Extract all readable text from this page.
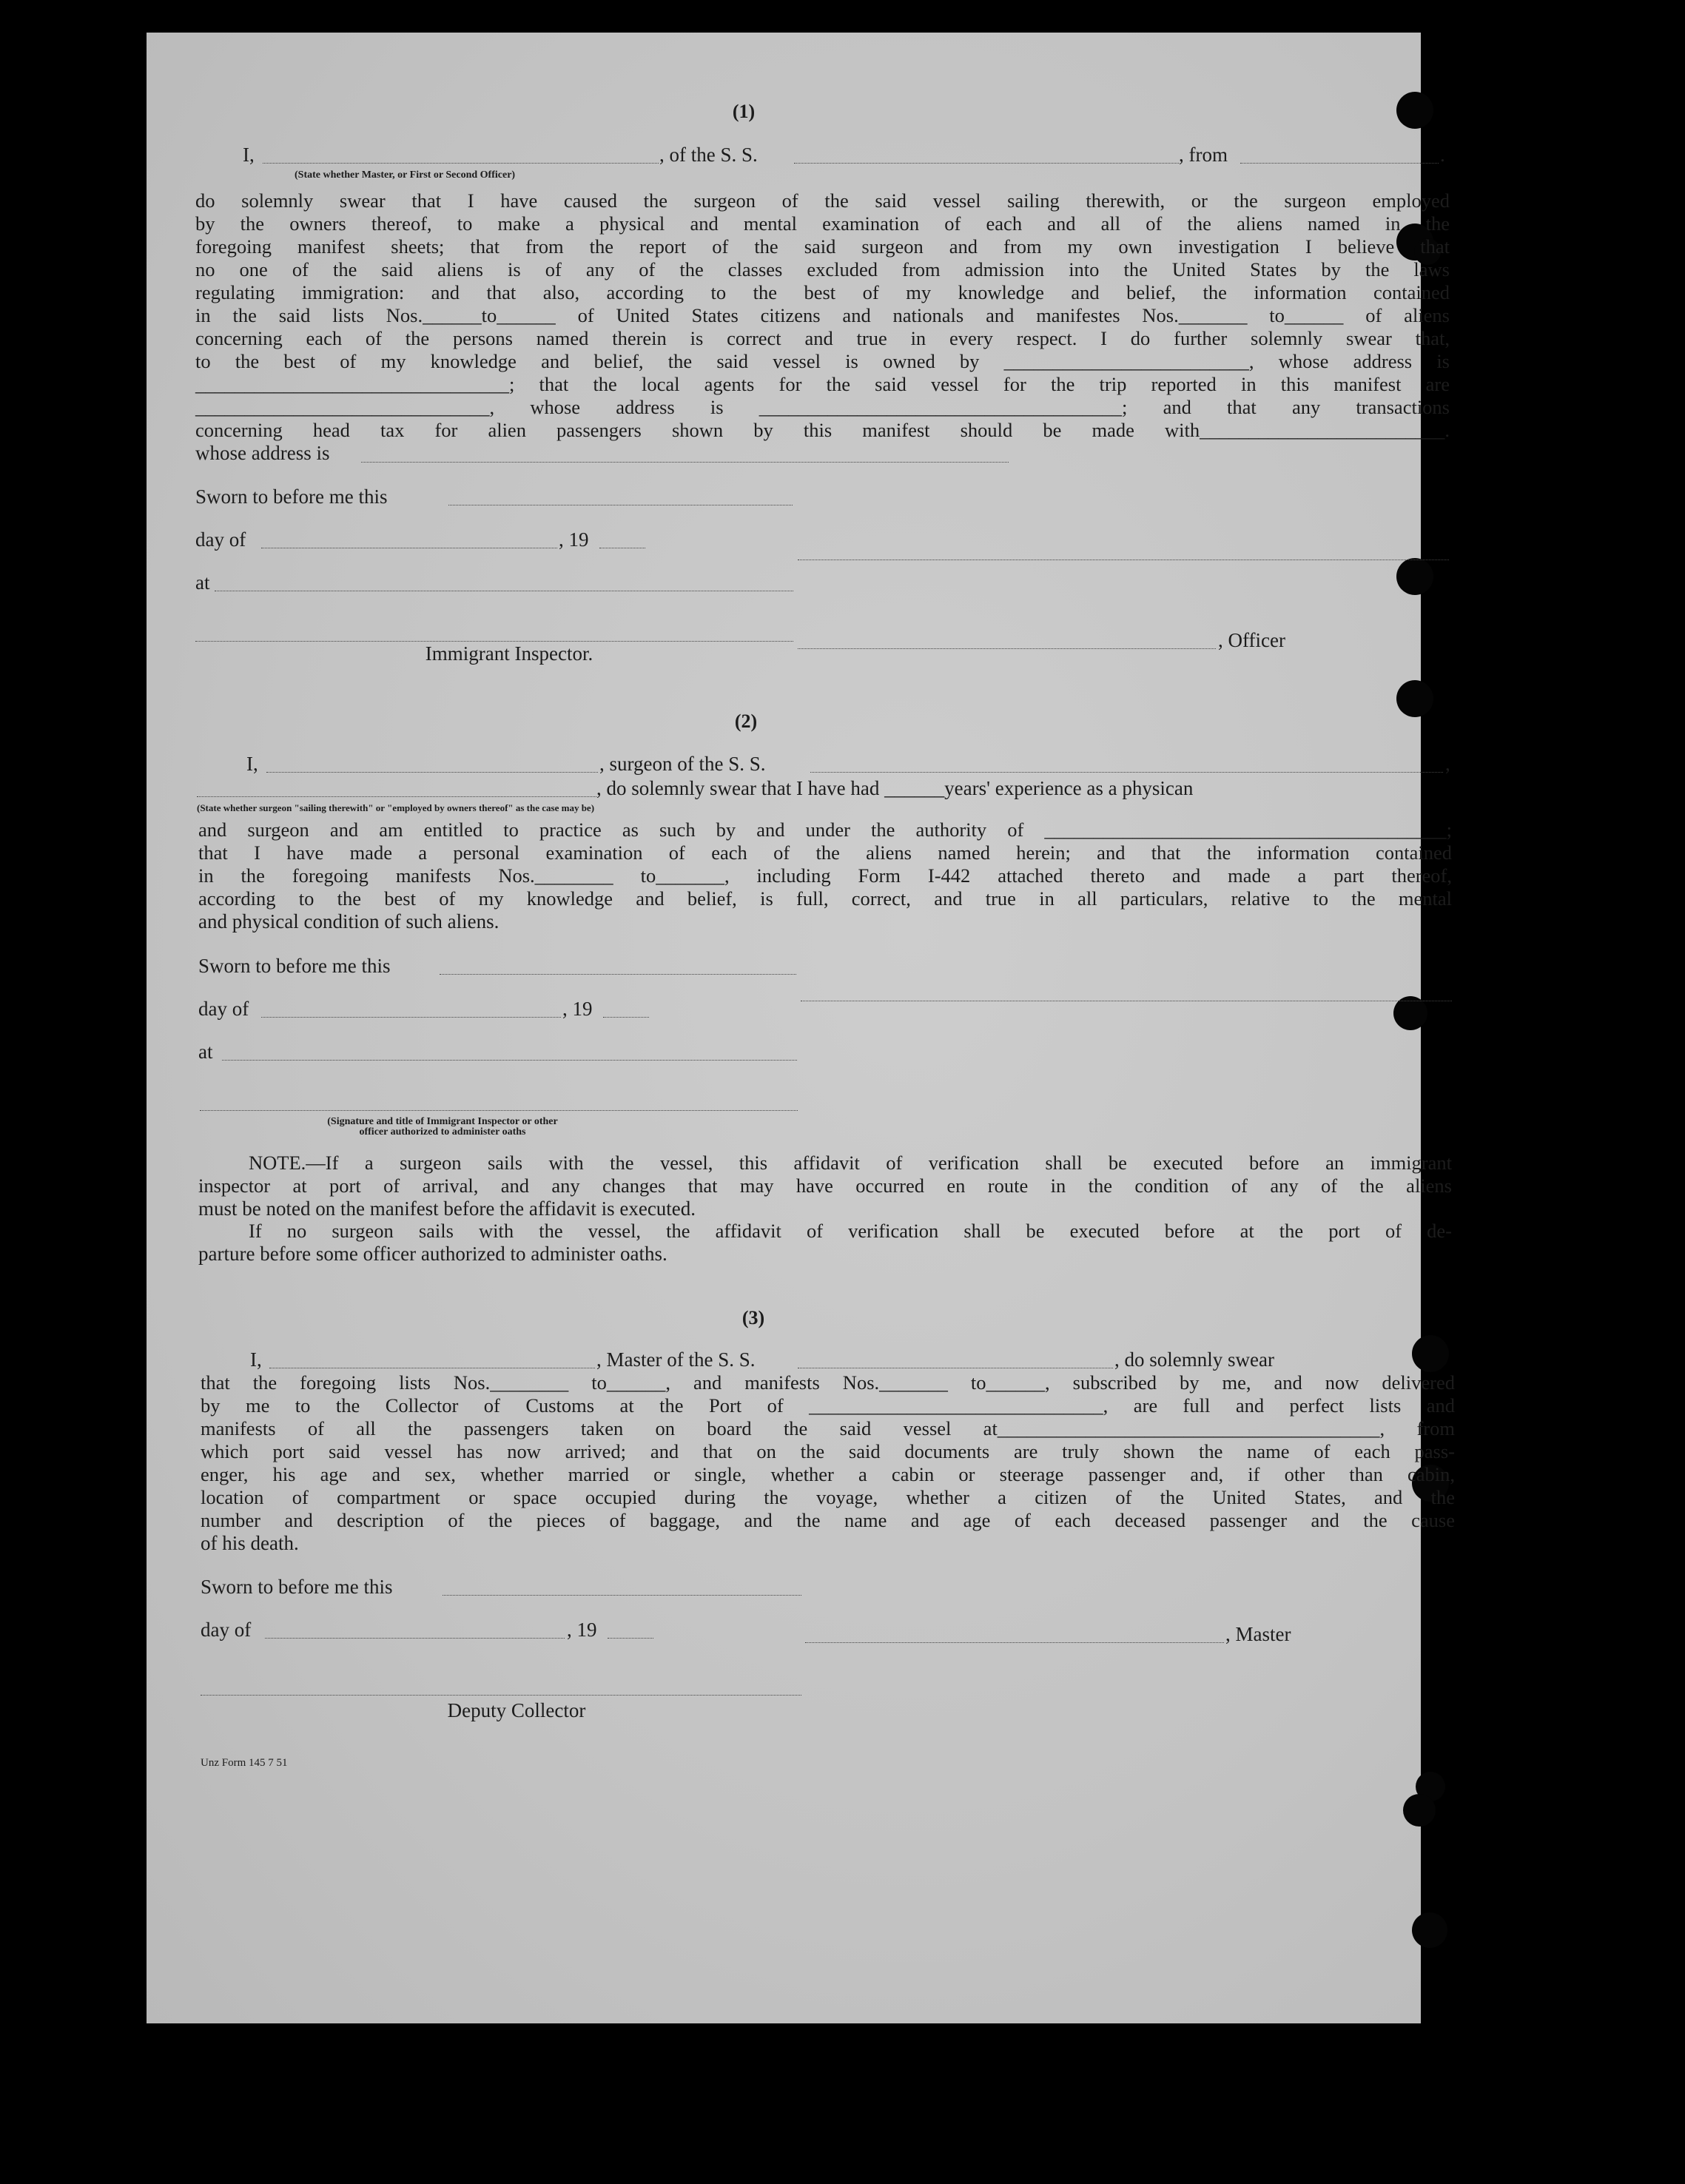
(1)
I,	, of the S. S.	, from	.
(State whether Master, or First or Second Officer)
do solemnly swear that I have caused the surgeon of the said vessel sailing therewith, or the surgeon employed
by the owners thereof, to make a physical and mental examination of each and all of the aliens named in the
foregoing manifest sheets; that from the report of the said surgeon and from my own investigation I believe that
no one of the said aliens is of any of the classes excluded from admission into the United States by the laws
regulating immigration: and that also, according to the best of my knowledge and belief, the information contained
in the said lists Nos.______to______ of United States citizens and nationals and manifestes Nos._______ to______ of aliens
concerning each of the persons named therein is correct and true in every respect. I do further solemnly swear that,
to the best of my knowledge and belief, the said vessel is owned by _________________________, whose address is
________________________________; that the local agents for the said vessel for the trip reported in this manifest are
______________________________, whose address is _____________________________________; and that any transactions
concerning head tax for alien passengers shown by this manifest should be made with_________________________.
whose address is
Sworn to before me this
day of	, 19
at
, Officer
Immigrant Inspector.
(2)
I,	, surgeon of the S. S.	,
, do solemnly swear that I have had ______years' experience as a physican
(State whether surgeon "sailing therewith" or "employed by owners thereof" as the case may be)
and surgeon and am entitled to practice as such by and under the authority of _________________________________________;
that I have made a personal examination of each of the aliens named herein; and that the information contained
in the foregoing manifests Nos.________ to_______, including Form I-442 attached thereto and made a part thereof,
according to the best of my knowledge and belief, is full, correct, and true in all particulars, relative to the mental
and physical condition of such aliens.
Sworn to before me this
day of	, 19
at
(Signature and title of Immigrant Inspector or other
officer authorized to administer oaths
NOTE.—If a surgeon sails with the vessel, this affidavit of verification shall be executed before an immigrant
inspector at port of arrival, and any changes that may have occurred en route in the condition of any of the aliens
must be noted on the manifest before the affidavit is executed.
If no surgeon sails with the vessel, the affidavit of verification shall be executed before at the port of de-
parture before some officer authorized to administer oaths.
(3)
I,	, Master of the S. S.	, do solemnly swear
that the foregoing lists Nos.________ to______, and manifests Nos._______ to______, subscribed by me, and now delivered
by me to the Collector of Customs at the Port of ______________________________, are full and perfect lists and
manifests of all the passengers taken on board the said vessel at_______________________________________, from
which port said vessel has now arrived; and that on the said documents are truly shown the name of each pass-
enger, his age and sex, whether married or single, whether a cabin or steerage passenger and, if other than cabin,
location of compartment or space occupied during the voyage, whether a citizen of the United States, and the
number and description of the pieces of baggage, and the name and age of each deceased passenger and the cause
of his death.
Sworn to before me this
day of	, 19	, Master
Deputy Collector
Unz Form 145 7 51
